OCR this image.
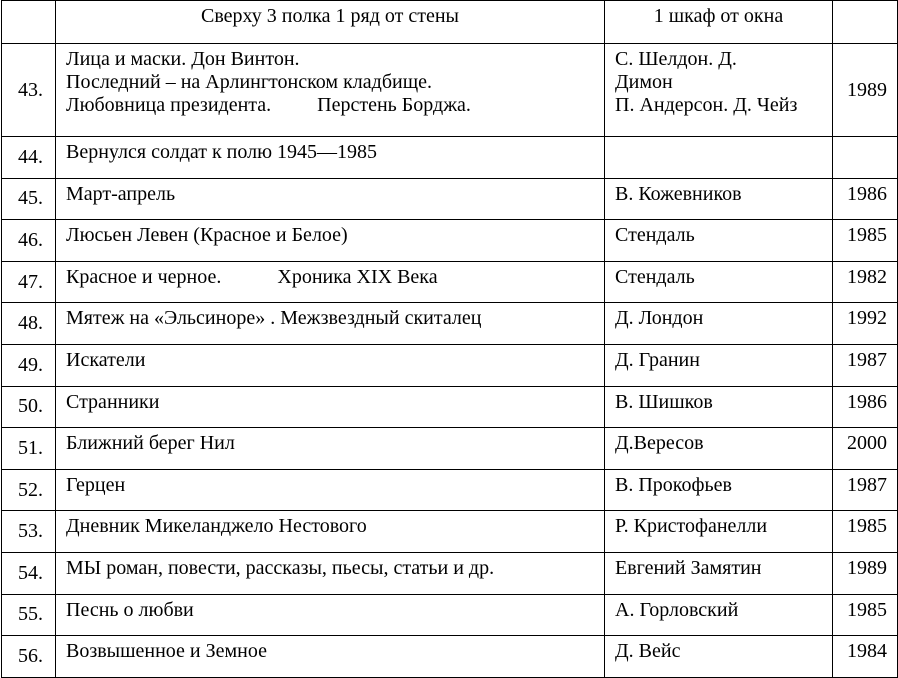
	Сверху 3 полка 1 ряд от стены	1 шкаф от окна	
43.	Лица и маски. Дон Винтон.
Последний – на Арлингтонском кладбище.
Любовница президента. Перстень Борджа.	С. Шелдон. Д.
Димон
П. Андерсон. Д. Чейз	1989
44.	Вернулся солдат к полю 1945—1985		
45.	Март-апрель	В. Кожевников	1986
46.	Люсьен Левен (Красное и Белое)	Стендаль	1985
47.	Красное и черное. Хроника XIX Века	Стендаль	1982
48.	Мятеж на «Эльсиноре» . Межзвездный скиталец	Д. Лондон	1992
49.	Искатели	Д. Гранин	1987
50.	Странники	В. Шишков	1986
51.	Ближний берег Нил	Д.Вересов	2000
52.	Герцен	В. Прокофьев	1987
53.	Дневник Микеланджело Нестового	Р. Кристофанелли	1985
54.	МЫ роман, повести, рассказы, пьесы, статьи и др.	Евгений Замятин	1989
55.	Песнь о любви	А. Горловский	1985
56.	Возвышенное и Земное	Д. Вейс	1984
